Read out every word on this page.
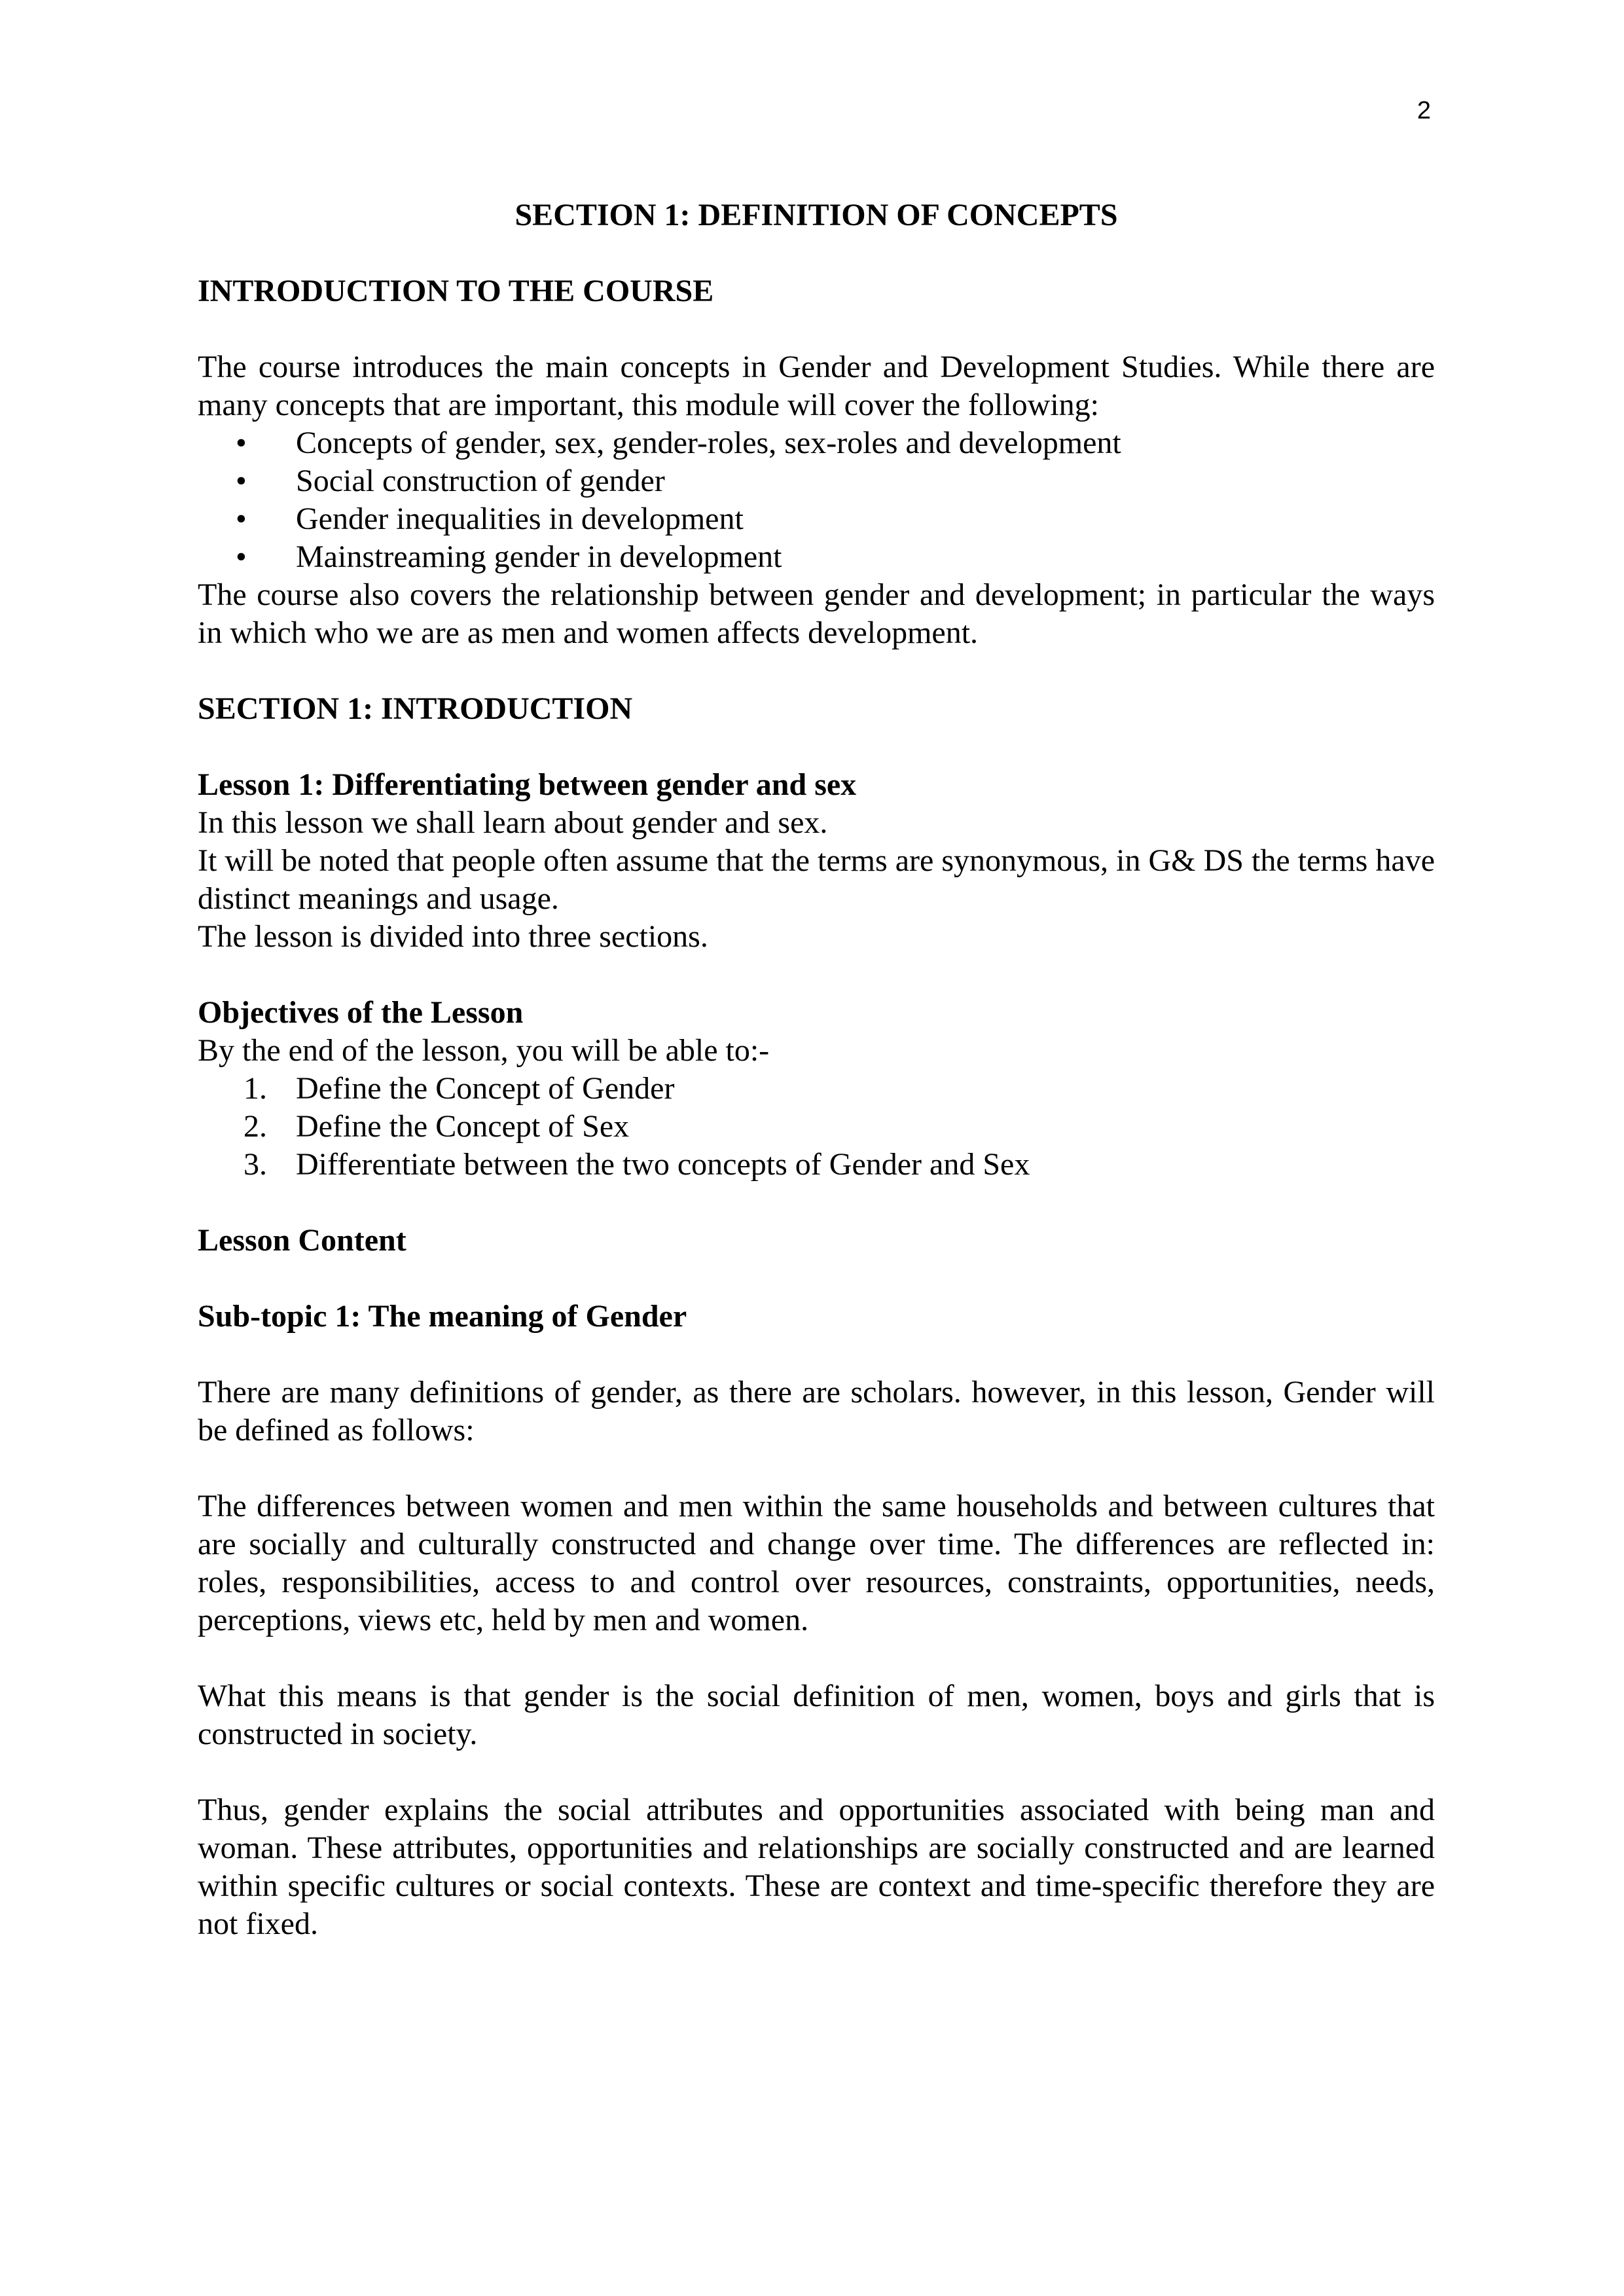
2
SECTION 1: DEFINITION OF CONCEPTS
INTRODUCTION TO THE COURSE

The course introduces the main concepts in Gender and Development Studies. While there are many concepts that are important, this module will cover the following:

•	Concepts of gender, sex, gender-roles, sex-roles and development
•	Social construction of gender
•	Gender inequalities in development
•	Mainstreaming gender in development

The course also covers the relationship between gender and development; in particular the ways in which who we are as men and women affects development.

SECTION 1: INTRODUCTION
Lesson 1: Differentiating between gender and sex

In this lesson we shall learn about gender and sex.

It will be noted that people often assume that the terms are synonymous, in G& DS the terms have distinct meanings and usage.

The lesson is divided into three sections.

Objectives of the Lesson

By the end of the lesson, you will be able to:-

1. Define the Concept of Gender
2. Define the Concept of Sex
3. Differentiate between the two concepts of Gender and Sex
Lesson Content
Sub-topic 1: The meaning of Gender

There are many definitions of gender, as there are scholars. however, in this lesson, Gender will be defined as follows:

The differences between women and men within the same households and between cultures that are socially and culturally constructed and change over time. The differences are reflected in: roles, responsibilities, access to and control over resources, constraints, opportunities, needs, perceptions, views etc, held by men and women.

What this means is that gender is the social definition of men, women, boys and girls that is constructed in society.

Thus, gender explains the social attributes and opportunities associated with being man and woman. These attributes, opportunities and relationships are socially constructed and are learned within specific cultures or social contexts. These are context and time-specific therefore they are not fixed.
